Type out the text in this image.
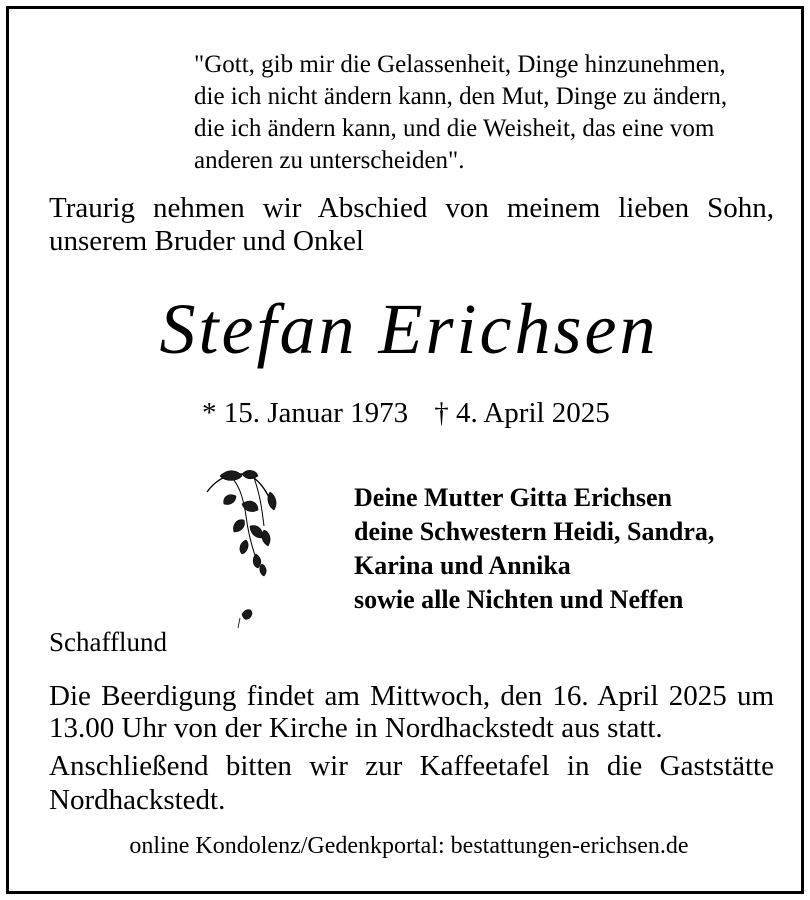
"Gott, gib mir die Gelassenheit, Dinge hinzunehmen,
die ich nicht ändern kann, den Mut, Dinge zu ändern,
die ich ändern kann, und die Weisheit, das eine vom
anderen zu unterscheiden".

Traurig nehmen wir Abschied von meinem lieben Sohn, unserem Bruder und Onkel

Stefan Erichsen
* 15. Januar 1973 † 4. April 2025
Deine Mutter Gitta Erichsen
deine Schwestern Heidi, Sandra,
Karina und Annika
sowie alle Nichten und Neffen
Schafflund

Die Beerdigung findet am Mittwoch, den 16. April 2025 um 13.00 Uhr von der Kirche in Nordhackstedt aus statt.

Anschließend bitten wir zur Kaffeetafel in die Gaststätte Nordhackstedt.

online Kondolenz/Gedenkportal: bestattungen-erichsen.de
